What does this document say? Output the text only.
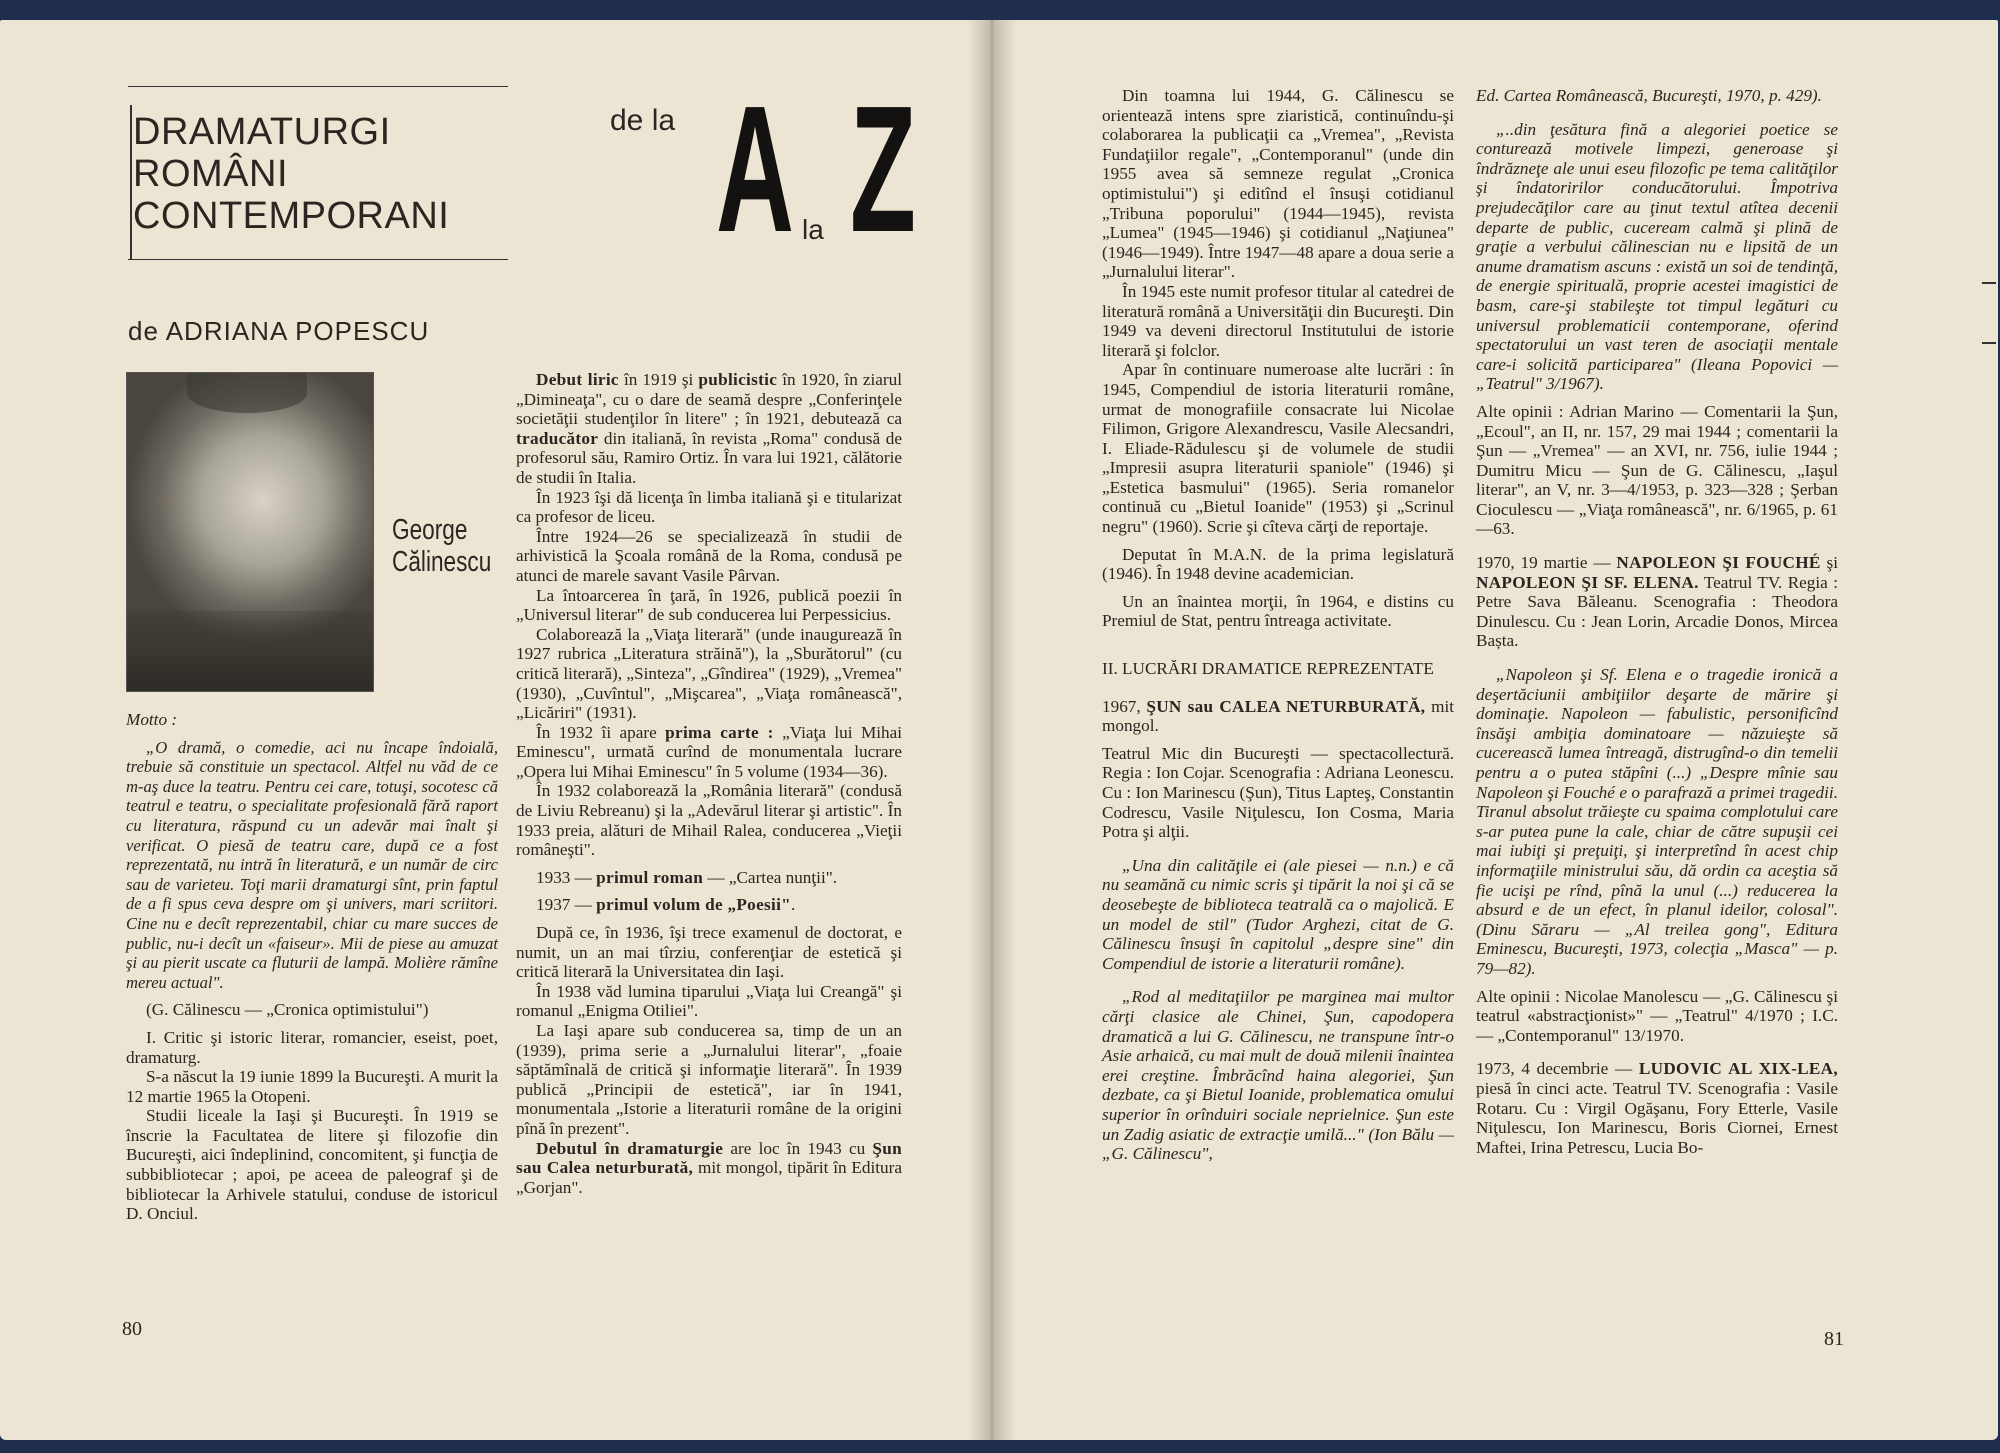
DRAMATURGI
ROMÂNI
CONTEMPORANI
de la A la
de ADRIANA POPESCU
George
Călinescu

Motto :

„O dramă, o comedie, aci nu încape îndoială, trebuie să constituie un spectacol. Altfel nu văd de ce m-aş duce la teatru. Pentru cei care, totuşi, socotesc că teatrul e teatru, o specialitate profesională fără raport cu literatura, răspund cu un adevăr mai înalt şi verificat. O piesă de teatru care, după ce a fost reprezentată, nu intră în literatură, e un număr de circ sau de varieteu. Toţi marii dramaturgi sînt, prin faptul de a fi spus ceva despre om şi univers, mari scriitori. Cine nu e decît reprezentabil, chiar cu mare succes de public, nu-i decît un «faiseur». Mii de piese au amuzat şi au pierit uscate ca fluturii de lampă. Molière rămîne mereu actual".

(G. Călinescu — „Cronica optimistului")

I. Critic şi istoric literar, romancier, eseist, poet, dramaturg.

S-a născut la 19 iunie 1899 la Bucureşti. A murit la 12 martie 1965 la Otopeni.

Studii liceale la Iaşi şi Bucureşti. În 1919 se înscrie la Facultatea de litere şi filozofie din Bucureşti, aici îndeplinind, concomitent, şi funcţia de subbibliotecar ; apoi, pe aceea de paleograf şi de bibliotecar la Arhivele statului, conduse de istoricul D. Onciul.

Debut liric în 1919 şi publicistic în 1920, în ziarul „Dimineaţa", cu o dare de seamă despre „Conferinţele societăţii studenţilor în litere" ; în 1921, debutează ca traducător din italiană, în revista „Roma" condusă de profesorul său, Ramiro Ortiz. În vara lui 1921, călătorie de studii în Italia.

În 1923 îşi dă licenţa în limba italiană şi e titularizat ca profesor de liceu.

Între 1924—26 se specializează în studii de arhivistică la Şcoala română de la Roma, condusă pe atunci de marele savant Vasile Pârvan.

La întoarcerea în ţară, în 1926, publică poezii în „Universul literar" de sub conducerea lui Perpessicius.

Colaborează la „Viaţa literară" (unde inaugurează în 1927 rubrica „Literatura străină"), la „Sburătorul" (cu critică literară), „Sinteza", „Gîndirea" (1929), „Vremea" (1930), „Cuvîntul", „Mişcarea", „Viaţa românească", „Licăriri" (1931).

În 1932 îi apare prima carte : „Viaţa lui Mihai Eminescu", urmată curînd de monumentala lucrare „Opera lui Mihai Eminescu" în 5 volume (1934—36).

În 1932 colaborează la „România literară" (condusă de Liviu Rebreanu) şi la „Adevărul literar şi artistic". În 1933 preia, alături de Mihail Ralea, conducerea „Vieţii româneşti".

1933 — primul roman — „Cartea nunţii".

1937 — primul volum de „Poesii".

După ce, în 1936, îşi trece examenul de doctorat, e numit, un an mai tîrziu, conferenţiar de estetică şi critică literară la Universitatea din Iaşi.

În 1938 văd lumina tiparului „Viaţa lui Creangă" şi romanul „Enigma Otiliei".

La Iaşi apare sub conducerea sa, timp de un an (1939), prima serie a „Jurnalului literar", „foaie săptămînală de critică şi informaţie literară". În 1939 publică „Principii de estetică", iar în 1941, monumentala „Istorie a literaturii române de la origini pînă în prezent".

Debutul în dramaturgie are loc în 1943 cu Şun sau Calea neturburată, mit mongol, tipărit în Editura „Gorjan".

80
Z	Din toamna lui 1944, G. Călinescu se orientează intens spre ziaristică, continuîndu-şi colaborarea la publicaţii ca „Vremea", „Revista Fundaţiilor regale", „Contemporanul" (unde din 1955 avea să semneze regulat „Cronica optimistului") şi editînd el însuşi cotidianul „Tribuna poporului" (1944—1945), revista „Lumea" (1945—1946) şi cotidianul „Naţiunea" (1946—1949). Între 1947—48 apare a doua serie a „Jurnalului literar".

În 1945 este numit profesor titular al catedrei de literatură română a Universităţii din Bucureşti. Din 1949 va deveni directorul Institutului de istorie literară şi folclor.

Apar în continuare numeroase alte lucrări : în 1945, Compendiul de istoria literaturii române, urmat de monografiile consacrate lui Nicolae Filimon, Grigore Alexandrescu, Vasile Alecsandri, I. Eliade-Rădulescu şi de volumele de studii „Impresii asupra literaturii spaniole" (1946) şi „Estetica basmului" (1965). Seria romanelor continuă cu „Bietul Ioanide" (1953) şi „Scrinul negru" (1960). Scrie şi cîteva cărţi de reportaje.

Deputat în M.A.N. de la prima legislatură (1946). În 1948 devine academician.

Un an înaintea morţii, în 1964, e distins cu Premiul de Stat, pentru întreaga activitate.

II. LUCRĂRI DRAMATICE REPREZENTATE

1967, ŞUN sau CALEA NETURBURATĂ, mit mongol.

Teatrul Mic din Bucureşti — spectacollectură. Regia : Ion Cojar. Scenografia : Adriana Leonescu. Cu : Ion Marinescu (Şun), Titus Lapteş, Constantin Codrescu, Vasile Niţulescu, Ion Cosma, Maria Potra şi alţii.

„Una din calităţile ei (ale piesei — n.n.) e că nu seamănă cu nimic scris şi tipărit la noi şi că se deosebeşte de biblioteca teatrală ca o majolică. E un model de stil" (Tudor Arghezi, citat de G. Călinescu însuşi în capitolul „despre sine" din Compendiul de istorie a literaturii române).

„Rod al meditaţiilor pe marginea mai multor cărţi clasice ale Chinei, Şun, capodopera dramatică a lui G. Călinescu, ne transpune într-o Asie arhaică, cu mai mult de două milenii înaintea erei creştine. Îmbrăcînd haina alegoriei, Şun dezbate, ca şi Bietul Ioanide, problematica omului superior în orînduiri sociale neprielnice. Şun este un Zadig asiatic de extracţie umilă..." (Ion Bălu — „G. Călinescu",

Ed. Cartea Românească, Bucureşti, 1970, p. 429).

„..din ţesătura fină a alegoriei poetice se conturează motivele limpezi, generoase şi îndrăzneţe ale unui eseu filozofic pe tema calităţilor şi îndatoririlor conducătorului. Împotriva prejudecăţilor care au ţinut textul atîtea decenii departe de public, cuceream calmă şi plină de graţie a verbului călinescian nu e lipsită de un anume dramatism ascuns : există un soi de tendinţă, de energie spirituală, proprie acestei imagistici de basm, care-şi stabileşte tot timpul legături cu universul problematicii contemporane, oferind spectatorului un vast teren de asociaţii mentale care-i solicită participarea" (Ileana Popovici — „Teatrul" 3/1967).

Alte opinii : Adrian Marino — Comentarii la Şun, „Ecoul", an II, nr. 157, 29 mai 1944 ; comentarii la Şun — „Vremea" — an XVI, nr. 756, iulie 1944 ; Dumitru Micu — Şun de G. Călinescu, „Iaşul literar", an V, nr. 3—4/1953, p. 323—328 ; Şerban Cioculescu — „Viaţa românească", nr. 6/1965, p. 61—63.

1970, 19 martie — NAPOLEON ŞI FOUCHÉ şi NAPOLEON ŞI SF. ELENA. Teatrul TV. Regia : Petre Sava Băleanu. Scenografia : Theodora Dinulescu. Cu : Jean Lorin, Arcadie Donos, Mircea Bașta.

„Napoleon şi Sf. Elena e o tragedie ironică a deşertăciunii ambiţiilor deşarte de mărire şi dominaţie. Napoleon — fabulistic, personificînd însăşi ambiţia dominatoare — năzuieşte să cucerească lumea întreagă, distrugînd-o din temelii pentru a o putea stăpîni (...) „Despre mînie sau Napoleon şi Fouché e o parafrază a primei tragedii. Tiranul absolut trăieşte cu spaima complotului care s-ar putea pune la cale, chiar de către supuşii cei mai iubiţi şi preţuiţi, şi interpretînd în acest chip informaţiile ministrului său, dă ordin ca aceştia să fie ucişi pe rînd, pînă la unul (...) reducerea la absurd e de un efect, în planul ideilor, colosal". (Dinu Săraru — „Al treilea gong", Editura Eminescu, Bucureşti, 1973, colecţia „Masca" — p. 79—82).

Alte opinii : Nicolae Manolescu — „G. Călinescu şi teatrul «abstracţionist»" — „Teatrul" 4/1970 ; I.C. — „Contemporanul" 13/1970.

1973, 4 decembrie — LUDOVIC AL XIX-LEA, piesă în cinci acte. Teatrul TV. Scenografia : Vasile Rotaru. Cu : Virgil Ogăşanu, Fory Etterle, Vasile Niţulescu, Ion Marinescu, Boris Ciornei, Ernest Maftei, Irina Petrescu, Lucia Bo-

81
